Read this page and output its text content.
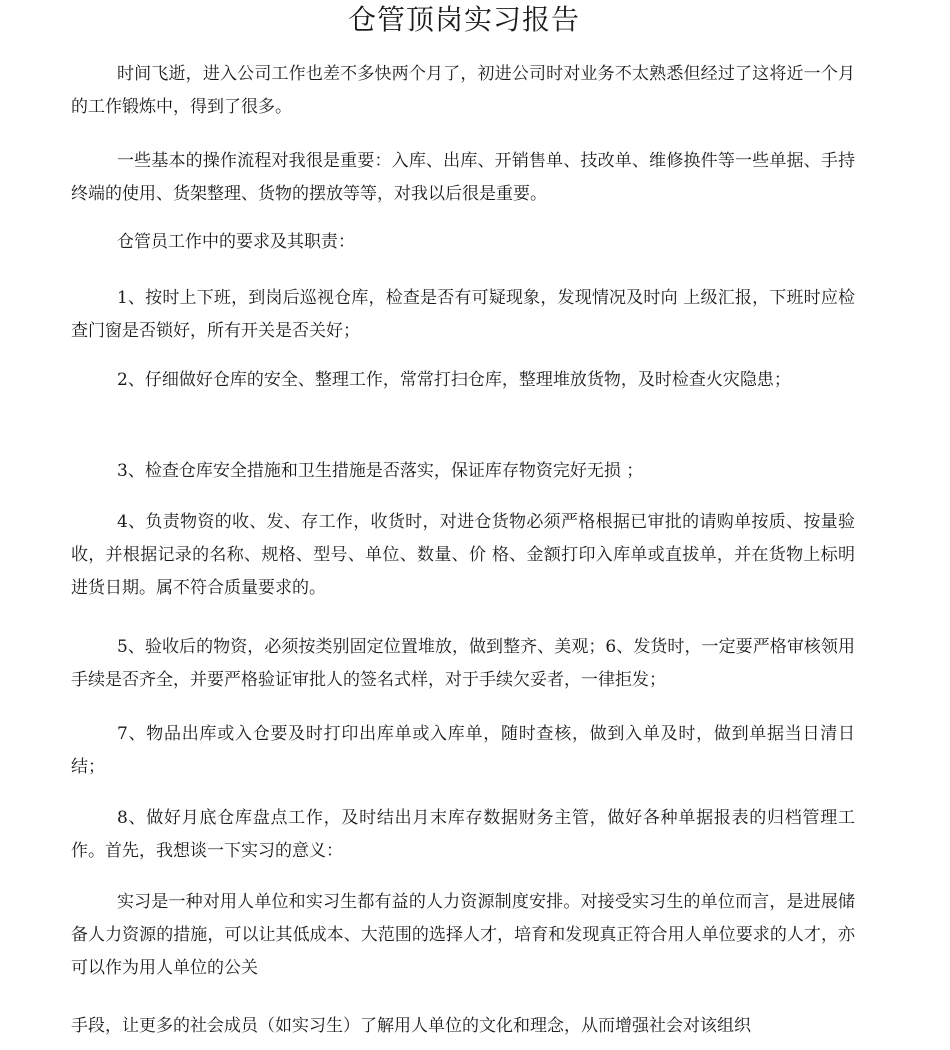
仓管顶岗实习报告

时间飞逝，进入公司工作也差不多快两个月了，初进公司时对业务不太熟悉但经过了这将近一个月的工作锻炼中，得到了很多。

一些基本的操作流程对我很是重要：入库、出库、开销售单、技改单、维修换件等一些单据、手持终端的使用、货架整理、货物的摆放等等，对我以后很是重要。

仓管员工作中的要求及其职责：

1、按时上下班，到岗后巡视仓库，检查是否有可疑现象，发现情况及时向 上级汇报，下班时应检查门窗是否锁好，所有开关是否关好；

2、仔细做好仓库的安全、整理工作，常常打扫仓库，整理堆放货物，及时检查火灾隐患；

3、检查仓库安全措施和卫生措施是否落实，保证库存物资完好无损 ；

4、负责物资的收、发、存工作，收货时，对进仓货物必须严格根据已审批的请购单按质、按量验收，并根据记录的名称、规格、型号、单位、数量、价 格、金额打印入库单或直拔单，并在货物上标明进货日期。属不符合质量要求的。

5、验收后的物资，必须按类别固定位置堆放，做到整齐、美观；6、发货时，一定要严格审核领用手续是否齐全，并要严格验证审批人的签名式样，对于手续欠妥者，一律拒发；

7、物品出库或入仓要及时打印出库单或入库单，随时查核，做到入单及时，做到单据当日清日结；

8、做好月底仓库盘点工作，及时结出月末库存数据财务主管，做好各种单据报表的归档管理工作。首先，我想谈一下实习的意义：

实习是一种对用人单位和实习生都有益的人力资源制度安排。对接受实习生的单位而言，是进展储备人力资源的措施，可以让其低成本、大范围的选择人才，培育和发现真正符合用人单位要求的人才，亦可以作为用人单位的公关

手段，让更多的社会成员（如实习生）了解用人单位的文化和理念，从而增强社会对该组织
